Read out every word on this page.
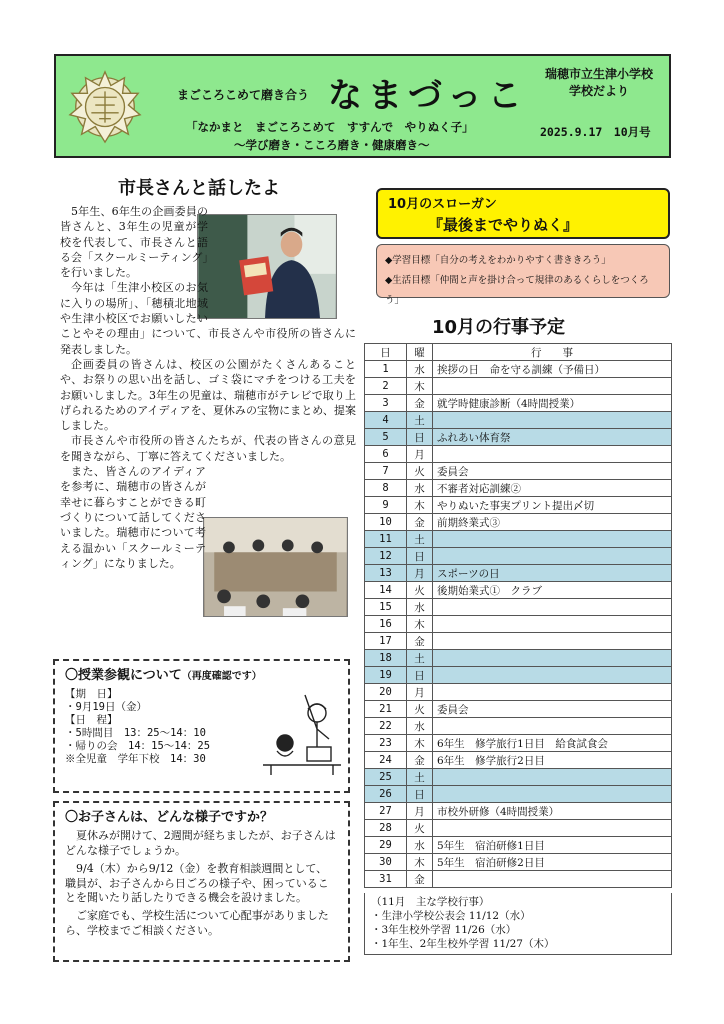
まごころこめて磨き合う なまづっこ
瑞穂市立生津小学校
学校だより
「なかまと　まごころこめて　すすんで　やりぬく子」
〜学び磨き・こころ磨き・健康磨き〜
2025.9.17　10月号
市長さんと話したよ

5年生、6年生の企画委員の皆さんと、3年生の児童が学校を代表して、市長さんと語る会「スクールミーティング」を行いました。

今年は「生津小校区のお気に入りの場所」、「穂積北地域や生津小校区でお願いしたいことやその理由」について、市長さんや市役所の皆さんに発表しました。

企画委員の皆さんは、校区の公園がたくさんあることや、お祭りの思い出を話し、ゴミ袋にマチをつける工夫をお願いしました。3年生の児童は、瑞穂市がテレビで取り上げられるためのアイディアを、夏休みの宝物にまとめ、提案しました。

市長さんや市役所の皆さんたちが、代表の皆さんの意見を聞きながら、丁寧に答えてくださいました。

また、皆さんのアイディアを参考に、瑞穂市の皆さんが幸せに暮らすことができる町づくりについて話してくださいました。瑞穂市について考える温かい「スクールミーティング」になりました。

〇授業参観について（再度確認です）
【期　日】
・9月19日（金）
【日　程】
・5時間目　13：25〜14：10
・帰りの会　14：15〜14：25
※全児童　学年下校　14：30
〇お子さんは、どんな様子ですか？
夏休みが開けて、2週間が経ちましたが、お子さんはどんな様子でしょうか。
9/4（木）から9/12（金）を教育相談週間として、職員が、お子さんから日ごろの様子や、困っていることを聞いたり話したりできる機会を設けました。
ご家庭でも、学校生活について心配事がありましたら、学校までご相談ください。
10月のスローガン
『最後までやりぬく』
◆学習目標「自分の考えをわかりやすく書ききろう」
◆生活目標「仲間と声を掛け合って規律のあるくらしをつくろう」
10月の行事予定
日	曜	行　　事
1	水	挨拶の日　命を守る訓練（予備日）
2	木	
3	金	就学時健康診断（4時間授業）
4	土	
5	日	ふれあい体育祭
6	月	
7	火	委員会
8	水	不審者対応訓練②
9	木	やりぬいた事実プリント提出〆切
10	金	前期終業式③
11	土	
12	日	
13	月	スポーツの日
14	火	後期始業式①　クラブ
15	水	
16	木	
17	金	
18	土	
19	日	
20	月	
21	火	委員会
22	水	
23	木	6年生　修学旅行1日目　給食試食会
24	金	6年生　修学旅行2日目
25	土	
26	日	
27	月	市校外研修（4時間授業）
28	火	
29	水	5年生　宿泊研修1日目
30	木	5年生　宿泊研修2日目
31	金	
（11月　主な学校行事）
・生津小学校公表会 11/12（水）
・3年生校外学習 11/26（水）
・1年生、2年生校外学習 11/27（木）
